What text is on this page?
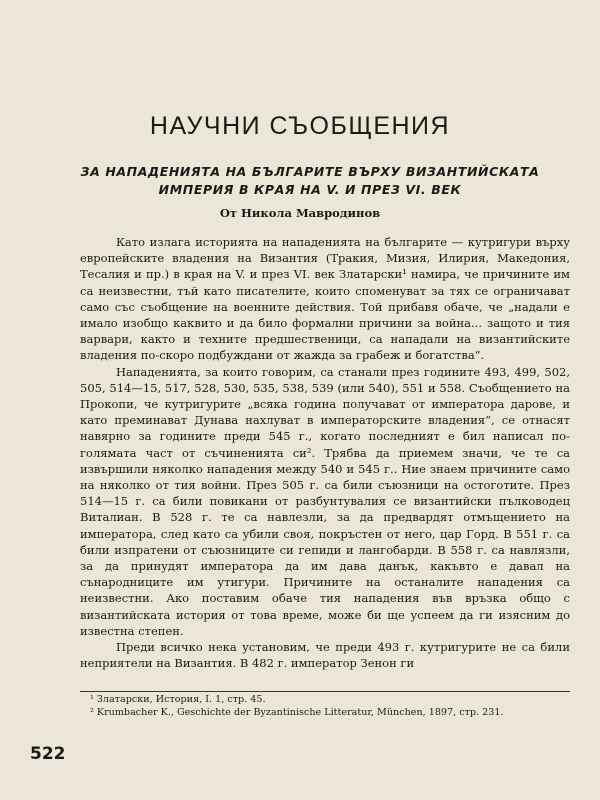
НАУЧНИ СЪОБЩЕНИЯ
ЗА НАПАДЕНИЯТА НА БЪЛГАРИТЕ ВЪРХУ ВИЗАНТИЙСКАТА ИМПЕРИЯ В КРАЯ НА V. И ПРЕЗ VI. ВЕК
От Никола Мавродинов

Като излага историята на нападенията на българите — кутригури върху европейските владения на Византия (Тракия, Мизия, Илирия, Македония, Тесалия и пр.) в края на V. и през VI. век Златарски¹ намира, че причините им са неизвестни, тъй като писателите, които споменуват за тях се ограничават само със съобщение на военните действия. Той прибавя обаче, че „надали е имало изобщо каквито и да било формални причини за война... защото и тия варвари, както и техните предшественици, са нападали на византийските владения по-скоро подбуждани от жажда за грабеж и богатства“.

Нападенията, за които говорим, са станали през годините 493, 499, 502, 505, 514—15, 517, 528, 530, 535, 538, 539 (или 540), 551 и 558. Съобщението на Прокопи, че кутригурите „всяка година получават от императора дарове, и като преминават Дунава нахлуват в императорските владения“, се отнасят навярно за годините преди 545 г., когато последният е бил написал по-голямата част от съчиненията си². Трябва да приемем значи, че те са извършили няколко нападения между 540 и 545 г.. Ние знаем причините само на няколко от тия войни. През 505 г. са били съюзници на остоготите. През 514—15 г. са били повикани от разбунтувалия се византийски пълководец Виталиан. В 528 г. те са навлезли, за да предвардят отмъщението на императора, след като са убили своя, покръстен от него, цар Горд. В 551 г. са били изпратени от съюзниците си гепиди и лангобарди. В 558 г. са навлязли, за да принудят императора да им дава данък, какъвто е давал на сънародниците им утигури. Причините на останалите нападения са неизвестни. Ако поставим обаче тия нападения във връзка общо с византийската история от това време, може би ще успеем да ги изясним до известна степен.

Преди всичко нека установим, че преди 493 г. кутригурите не са били неприятели на Византия. В 482 г. император Зенон ги

¹ Златарски, История, I. 1, стр. 45.
² Krumbacher K., Geschichte der Byzantinische Litteratur, München, 1897, стр. 231.
522
